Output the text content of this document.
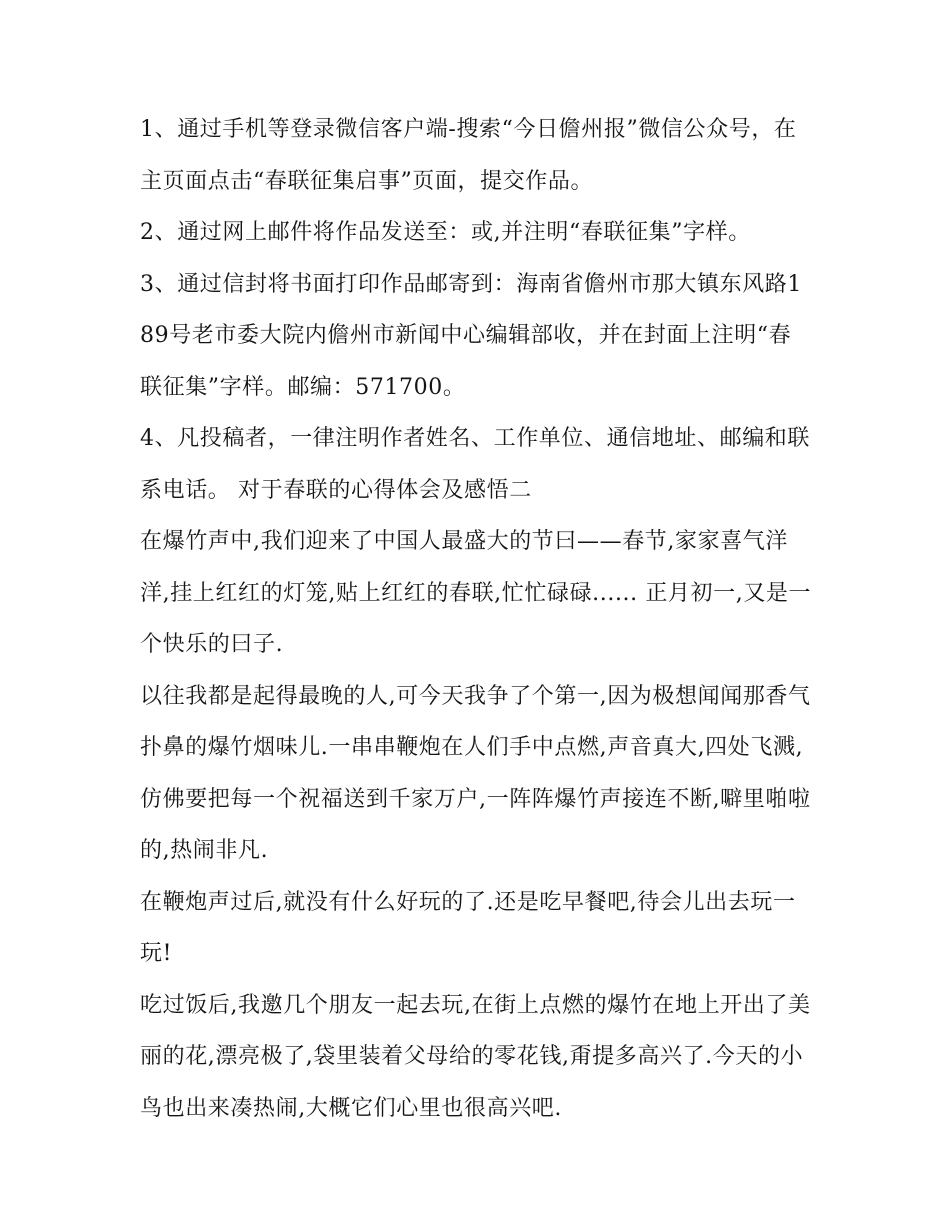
1、通过手机等登录微信客户端-搜索“今日儋州报”微信公众号，在主页面点击“春联征集启事”页面，提交作品。

2、通过网上邮件将作品发送至：或,并注明“春联征集”字样。

3、通过信封将书面打印作品邮寄到：海南省儋州市那大镇东风路189号老市委大院内儋州市新闻中心编辑部收，并在封面上注明“春联征集”字样。邮编：571700。

4、凡投稿者，一律注明作者姓名、工作单位、通信地址、邮编和联系电话。 对于春联的心得体会及感悟二

在爆竹声中,我们迎来了中国人最盛大的节曰——春节,家家喜气洋洋,挂上红红的灯笼,贴上红红的春联,忙忙碌碌...... 正月初一,又是一个快乐的曰子.

以往我都是起得最晚的人,可今天我争了个第一,因为极想闻闻那香气扑鼻的爆竹烟味儿.一串串鞭炮在人们手中点燃,声音真大,四处飞溅,仿佛要把每一个祝福送到千家万户,一阵阵爆竹声接连不断,噼里啪啦的,热闹非凡.

在鞭炮声过后,就没有什么好玩的了.还是吃早餐吧,待会儿出去玩一玩!

吃过饭后,我邀几个朋友一起去玩,在街上点燃的爆竹在地上开出了美丽的花,漂亮极了,袋里装着父母给的零花钱,甭提多高兴了.今天的小鸟也出来凑热闹,大概它们心里也很高兴吧.
